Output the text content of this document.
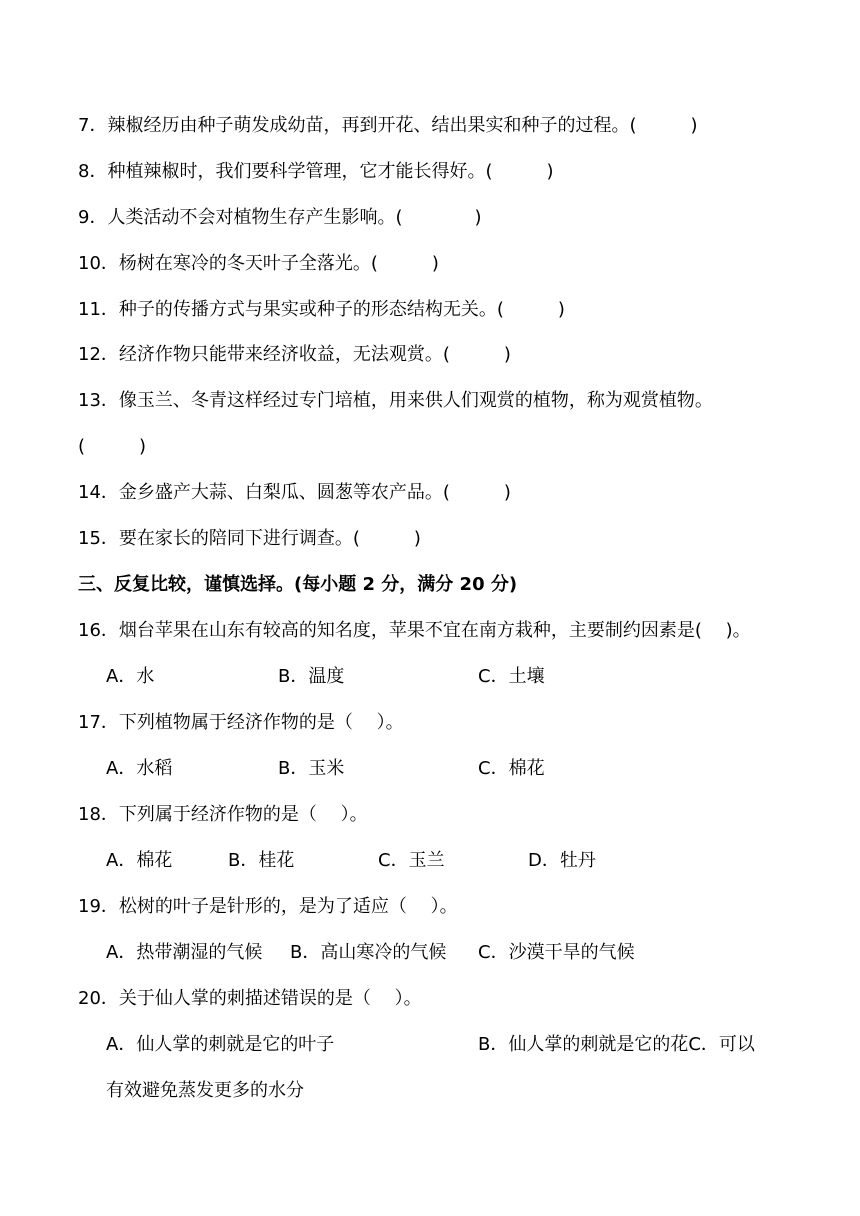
7．辣椒经历由种子萌发成幼苗，再到开花、结出果实和种子的过程。(　　　)
8．种植辣椒时，我们要科学管理，它才能长得好。(　　　)
9．人类活动不会对植物生存产生影响。(　　　　)
10．杨树在寒冷的冬天叶子全落光。(　　　)
11．种子的传播方式与果实或种子的形态结构无关。(　　　)
12．经济作物只能带来经济收益，无法观赏。(　　　)
13．像玉兰、冬青这样经过专门培植，用来供人们观赏的植物，称为观赏植物。
(　　　)
14．金乡盛产大蒜、白梨瓜、圆葱等农产品。(　　　)
15．要在家长的陪同下进行调查。(　　　)
三、反复比较，谨慎选择。(每小题 2 分，满分 20 分)
16．烟台苹果在山东有较高的知名度，苹果不宜在南方栽种，主要制约因素是(　 )。
A．水	B．温度	C．土壤
17．下列植物属于经济作物的是（　 ）。
A．水稻	B．玉米	C．棉花
18．下列属于经济作物的是（　 ）。
A．棉花	B．桂花	C．玉兰	D．牡丹
19．松树的叶子是针形的，是为了适应（　 ）。
A．热带潮湿的气候 B．高山寒冷的气候 C．沙漠干旱的气候
20．关于仙人掌的刺描述错误的是（　 ）。
A．仙人掌的刺就是它的叶子	B．仙人掌的刺就是它的花C．可以
有效避免蒸发更多的水分
